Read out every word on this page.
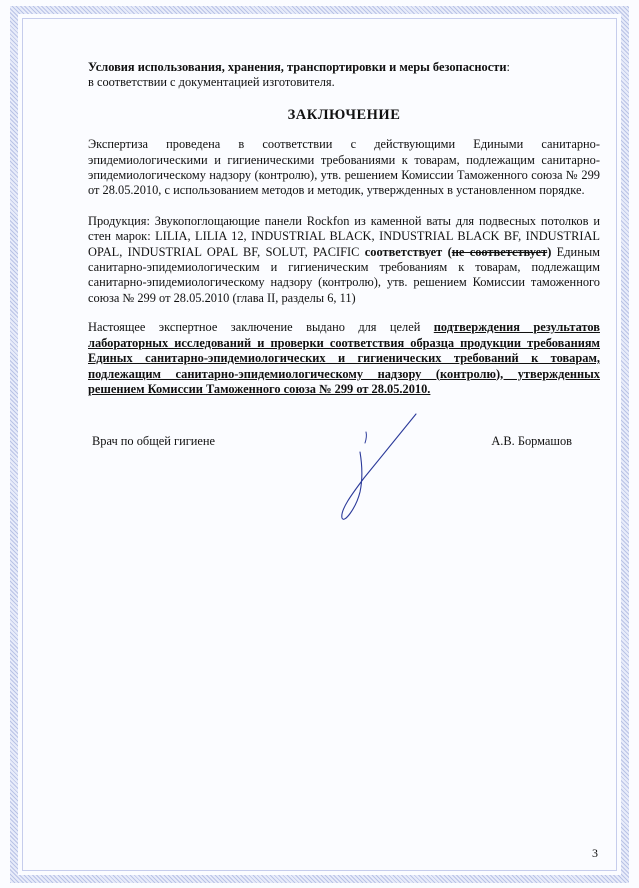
Условия использования, хранения, транспортировки и меры безопасности:
в соответствии с документацией изготовителя.

ЗАКЛЮЧЕНИЕ

Экспертиза проведена в соответствии с действующими Едиными санитарно-эпидемиологическими и гигиеническими требованиями к товарам, подлежащим санитарно-эпидемиологическому надзору (контролю), утв. решением Комиссии Таможенного союза № 299 от 28.05.2010, с использованием методов и методик, утвержденных в установленном порядке.

Продукция: Звукопоглощающие панели Rockfon из каменной ваты для подвесных потолков и стен марок: LILIA, LILIA 12, INDUSTRIAL BLACK, INDUSTRIAL BLACK BF, INDUSTRIAL OPAL, INDUSTRIAL OPAL BF, SOLUT, PACIFIC соответствует (не соответствует) Единым санитарно-эпидемиологическим и гигиеническим требованиям к товарам, подлежащим санитарно-эпидемиологическому надзору (контролю), утв. решением Комиссии таможенного союза № 299 от 28.05.2010 (глава II, разделы 6, 11)

Настоящее экспертное заключение выдано для целей подтверждения результатов лабораторных исследований и проверки соответствия образца продукции требованиям Единых санитарно-эпидемиологических и гигиенических требований к товарам, подлежащим санитарно-эпидемиологическому надзору (контролю), утвержденных решением Комиссии Таможенного союза № 299 от 28.05.2010.

Врач по общей гигиене	А.В. Бормашов
3
